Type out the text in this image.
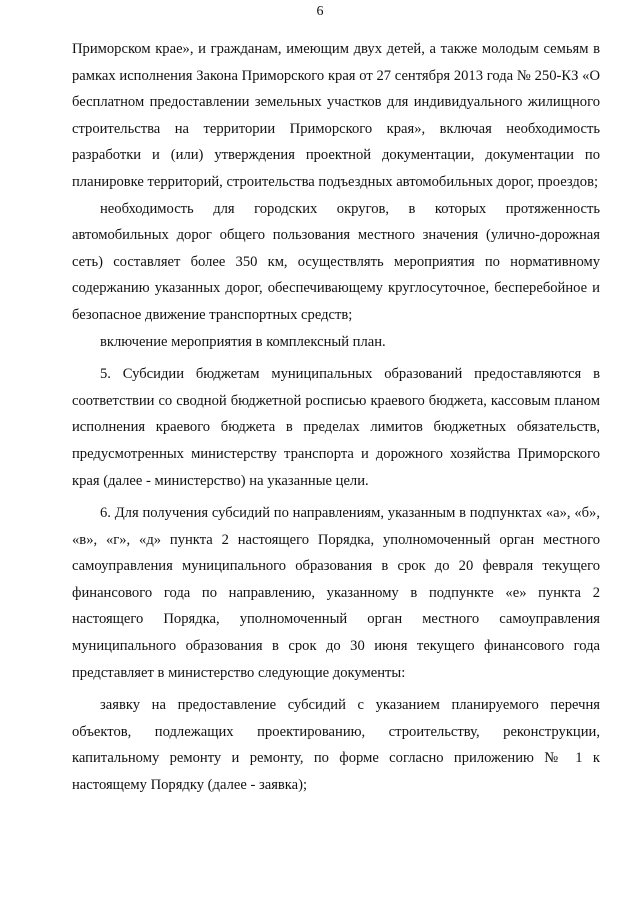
6

Приморском крае», и гражданам, имеющим двух детей, а также молодым семьям в рамках исполнения Закона Приморского края от 27 сентября 2013 года № 250-КЗ «О бесплатном предоставлении земельных участков для индивидуального жилищного строительства на территории Приморского края», включая необходимость разработки и (или) утверждения проектной документации, документации по планировке территорий, строительства подъездных автомобильных дорог, проездов;

необходимость для городских округов, в которых протяженность автомобильных дорог общего пользования местного значения (улично-дорожная сеть) составляет более 350 км, осуществлять мероприятия по нормативному содержанию указанных дорог, обеспечивающему круглосуточное, бесперебойное и безопасное движение транспортных средств;

включение мероприятия в комплексный план.

5. Субсидии бюджетам муниципальных образований предоставляются в соответствии со сводной бюджетной росписью краевого бюджета, кассовым планом исполнения краевого бюджета в пределах лимитов бюджетных обязательств, предусмотренных министерству транспорта и дорожного хозяйства Приморского края (далее - министерство) на указанные цели.

6. Для получения субсидий по направлениям, указанным в подпунктах «а», «б», «в», «г», «д» пункта 2 настоящего Порядка, уполномоченный орган местного самоуправления муниципального образования в срок до 20 февраля текущего финансового года по направлению, указанному в подпункте «е» пункта 2 настоящего Порядка, уполномоченный орган местного самоуправления муниципального образования в срок до 30 июня текущего финансового года представляет в министерство следующие документы:

заявку на предоставление субсидий с указанием планируемого перечня объектов, подлежащих проектированию, строительству, реконструкции, капитальному ремонту и ремонту, по форме согласно приложению № 1 к настоящему Порядку (далее - заявка);
